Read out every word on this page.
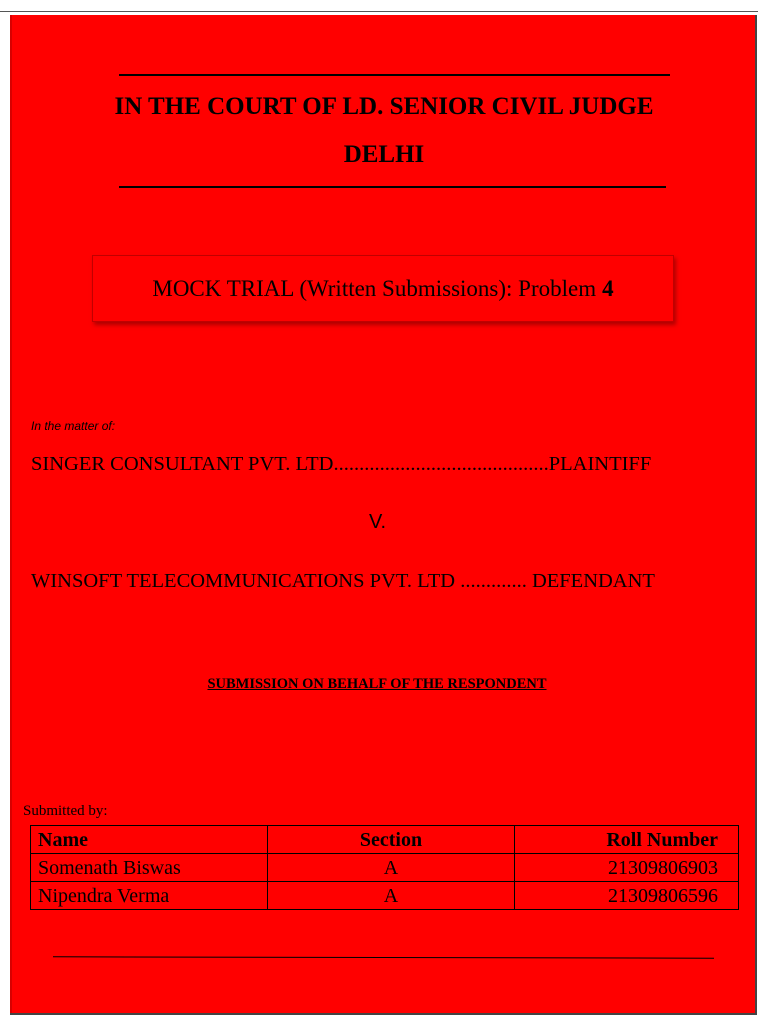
IN THE COURT OF LD. SENIOR CIVIL JUDGE
DELHI
MOCK TRIAL (Written Submissions): Problem 4
In the matter of:
SINGER CONSULTANT PVT. LTD..........................................PLAINTIFF
V.
WINSOFT TELECOMMUNICATIONS PVT. LTD ............. DEFENDANT
SUBMISSION ON BEHALF OF THE RESPONDENT
Submitted by:
Name	Section	Roll Number
Somenath Biswas	A	21309806903
Nipendra Verma	A	21309806596
